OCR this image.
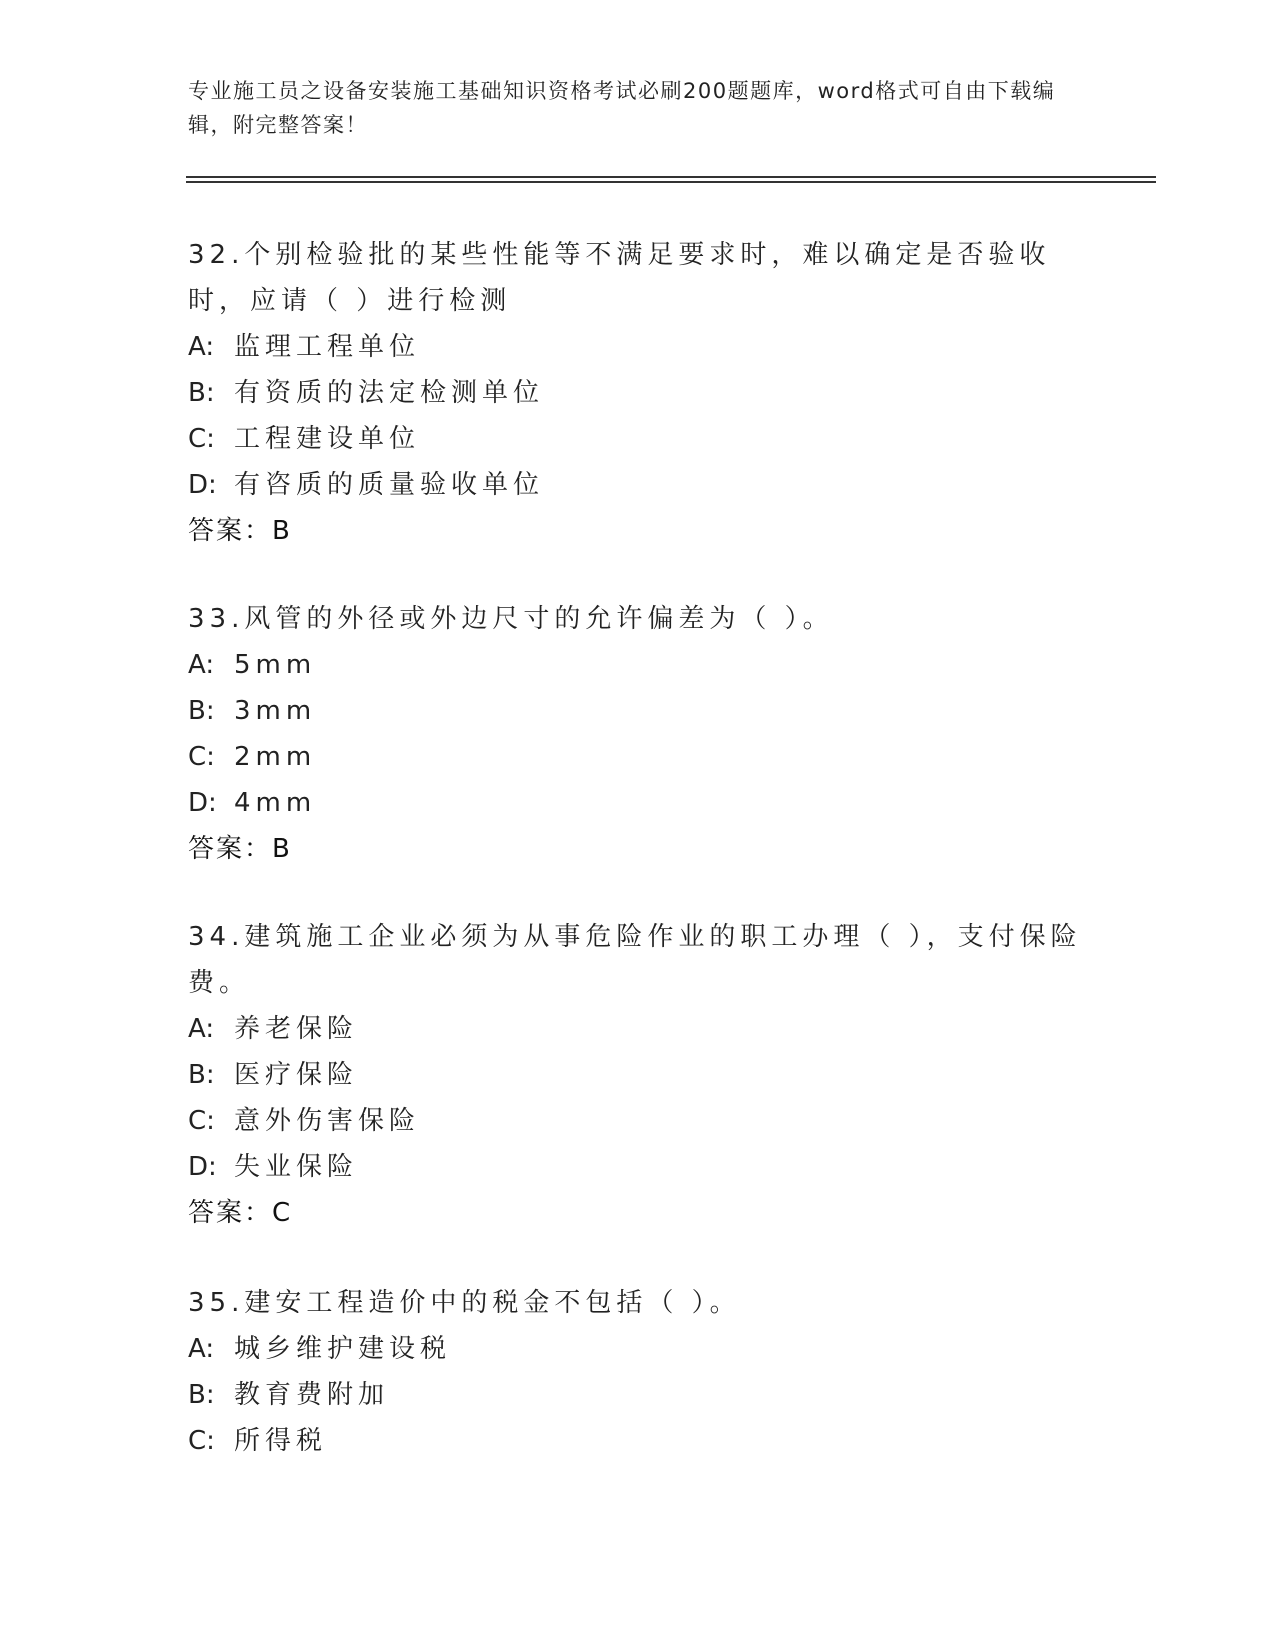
专业施工员之设备安装施工基础知识资格考试必刷200题题库，word格式可自由下载编辑，附完整答案！

32.个别检验批的某些性能等不满足要求时，难以确定是否验收时，应请（ ）进行检测

A: 监理工程单位

B: 有资质的法定检测单位

C: 工程建设单位

D: 有咨质的质量验收单位

答案：B

33.风管的外径或外边尺寸的允许偏差为（ ）。

A: 5mm

B: 3mm

C: 2mm

D: 4mm

答案：B

34.建筑施工企业必须为从事危险作业的职工办理（ ），支付保险费。

A: 养老保险

B: 医疗保险

C: 意外伤害保险

D: 失业保险

答案：C

35.建安工程造价中的税金不包括（ ）。

A: 城乡维护建设税

B: 教育费附加

C: 所得税
